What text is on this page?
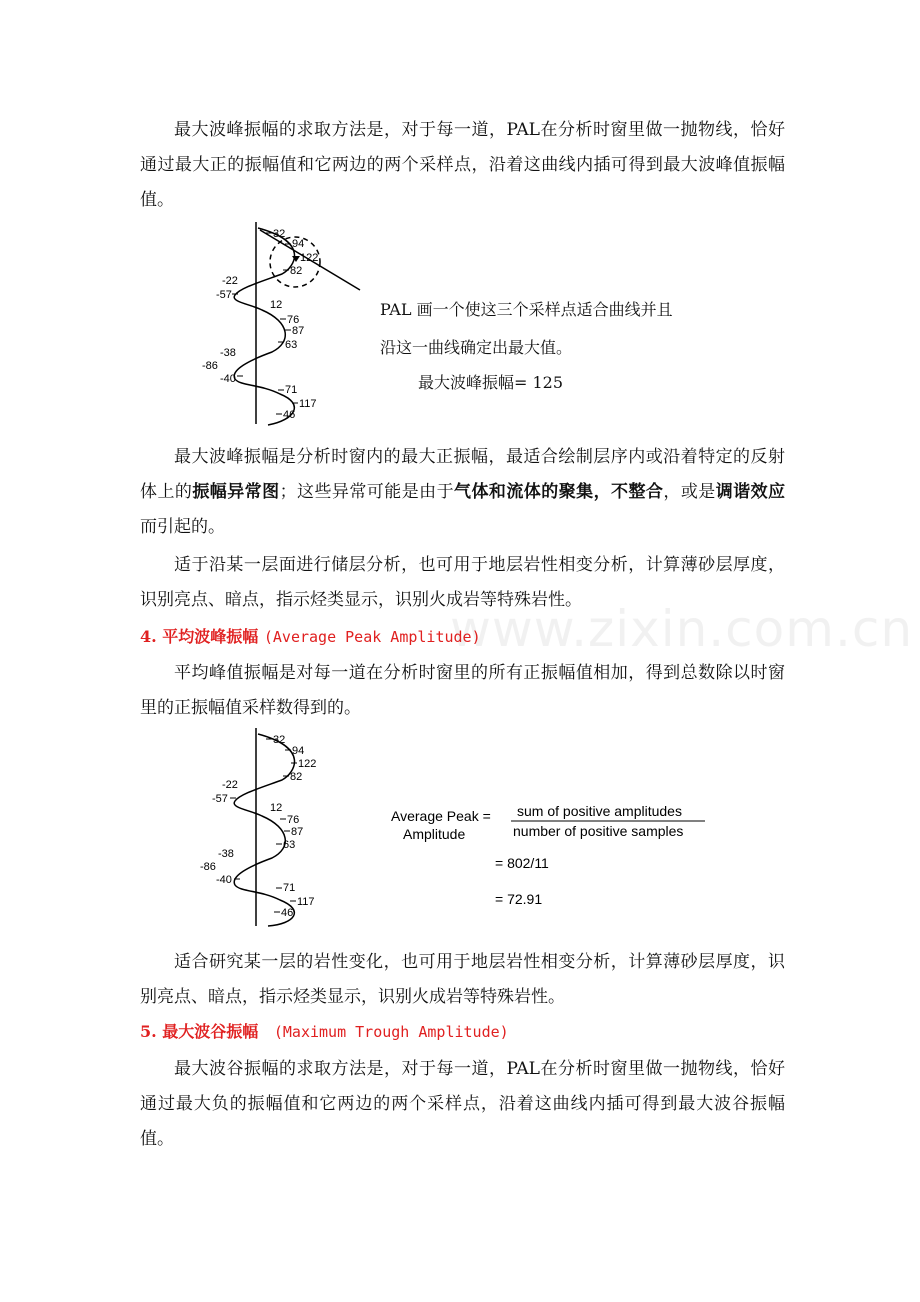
最大波峰振幅的求取方法是，对于每一道，PAL在分析时窗里做一抛物线，恰好通过最大正的振幅值和它两边的两个采样点，沿着这曲线内插可得到最大波峰值振幅值。

32
94
122
82
-22
-57
12
76
87
63
-38
-86
-40
71
117
46

PAL 画一个使这三个采样点适合曲线并且

沿这一曲线确定出最大值。

最大波峰振幅= 125

最大波峰振幅是分析时窗内的最大正振幅，最适合绘制层序内或沿着特定的反射体上的振幅异常图；这些异常可能是由于气体和流体的聚集，不整合，或是调谐效应而引起的。

适于沿某一层面进行储层分析，也可用于地层岩性相变分析，计算薄砂层厚度，识别亮点、暗点，指示烃类显示，识别火成岩等特殊岩性。

www.zixin.com.cn

4. 平均波峰振幅 (Average Peak Amplitude)

平均峰值振幅是对每一道在分析时窗里的所有正振幅值相加，得到总数除以时窗里的正振幅值采样数得到的。

32
94
122
82
-22
-57
12
76
87
63
-38
-86
-40
71
117
46
Average Peak =
Amplitude
sum of positive amplitudes
number of positive samples
= 802/11
= 72.91

适合研究某一层的岩性变化，也可用于地层岩性相变分析，计算薄砂层厚度，识别亮点、暗点，指示烃类显示，识别火成岩等特殊岩性。

5. 最大波谷振幅 (Maximum Trough Amplitude)

最大波谷振幅的求取方法是，对于每一道，PAL在分析时窗里做一抛物线，恰好通过最大负的振幅值和它两边的两个采样点，沿着这曲线内插可得到最大波谷振幅值。
